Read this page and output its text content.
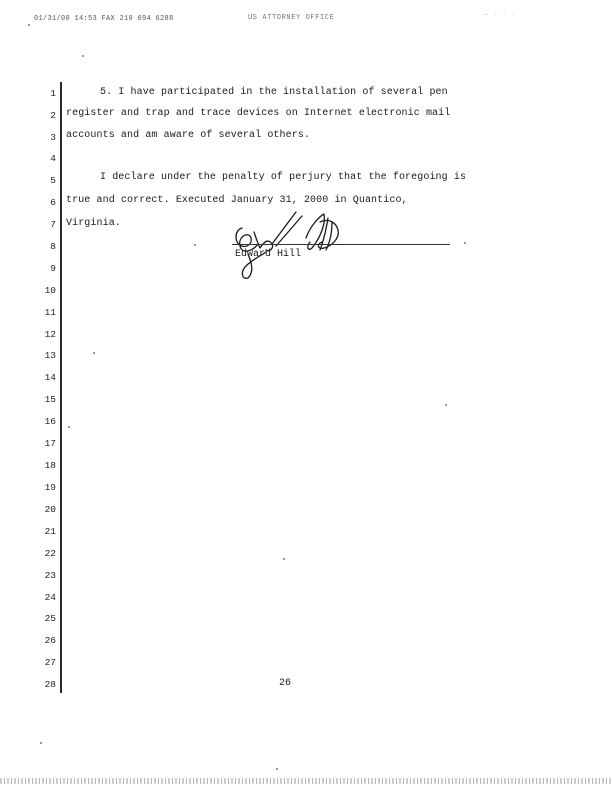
01/31/00 14:53 FAX 210 694 6288	US ATTORNEY OFFICE	— · · ·
1
2
3
4
5
6
7
8
9
10
11
12
13
14
15
16
17
18
19
20
21
22
23
24
25
26
27
28
5. I have participated in the installation of several pen
register and trap and trace devices on Internet electronic mail
accounts and am aware of several others.
I declare under the penalty of perjury that the foregoing is
true and correct. Executed January 31, 2000 in Quantico,
Virginia.
Edward Hill
26
